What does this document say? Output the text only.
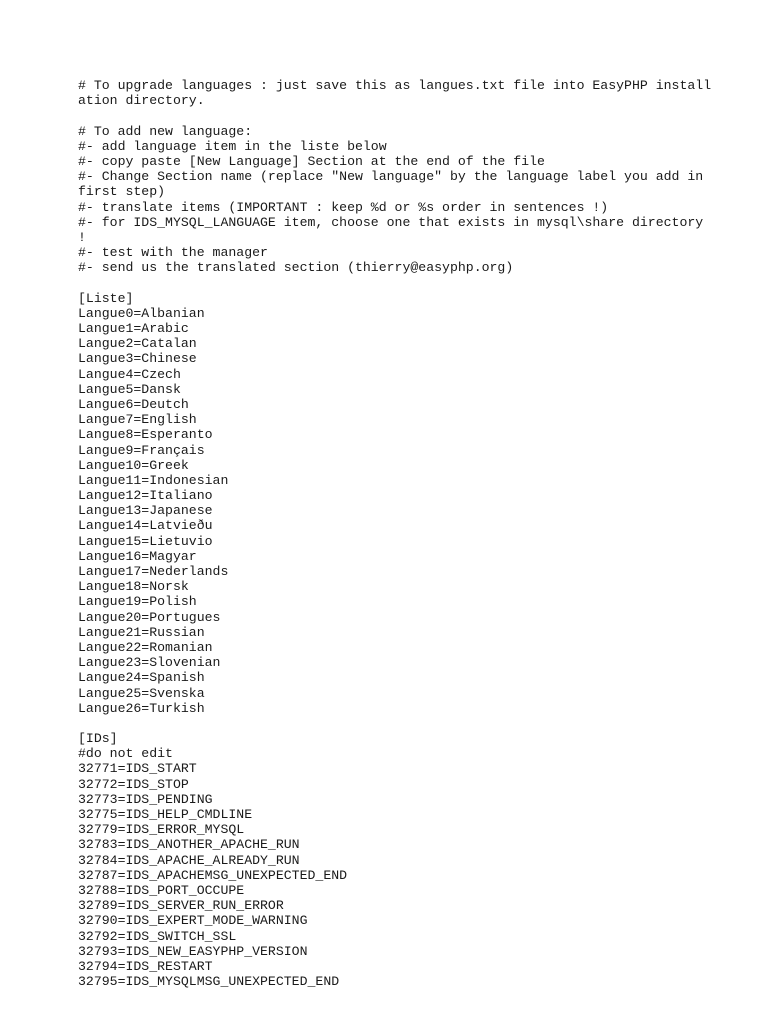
# To upgrade languages : just save this as langues.txt file into EasyPHP install
ation directory.
# To add new language:
#- add language item in the liste below
#- copy paste [New Language] Section at the end of the file
#- Change Section name (replace "New language" by the language label you add in
first step)
#- translate items (IMPORTANT : keep %d or %s order in sentences !)
#- for IDS_MYSQL_LANGUAGE item, choose one that exists in mysql\share directory
!
#- test with the manager
#- send us the translated section (thierry@easyphp.org)
[Liste]
Langue0=Albanian
Langue1=Arabic
Langue2=Catalan
Langue3=Chinese
Langue4=Czech
Langue5=Dansk
Langue6=Deutch
Langue7=English
Langue8=Esperanto
Langue9=Français
Langue10=Greek
Langue11=Indonesian
Langue12=Italiano
Langue13=Japanese
Langue14=Latvieðu
Langue15=Lietuvio
Langue16=Magyar
Langue17=Nederlands
Langue18=Norsk
Langue19=Polish
Langue20=Portugues
Langue21=Russian
Langue22=Romanian
Langue23=Slovenian
Langue24=Spanish
Langue25=Svenska
Langue26=Turkish
[IDs]
#do not edit
32771=IDS_START
32772=IDS_STOP
32773=IDS_PENDING
32775=IDS_HELP_CMDLINE
32779=IDS_ERROR_MYSQL
32783=IDS_ANOTHER_APACHE_RUN
32784=IDS_APACHE_ALREADY_RUN
32787=IDS_APACHEMSG_UNEXPECTED_END
32788=IDS_PORT_OCCUPE
32789=IDS_SERVER_RUN_ERROR
32790=IDS_EXPERT_MODE_WARNING
32792=IDS_SWITCH_SSL
32793=IDS_NEW_EASYPHP_VERSION
32794=IDS_RESTART
32795=IDS_MYSQLMSG_UNEXPECTED_END
